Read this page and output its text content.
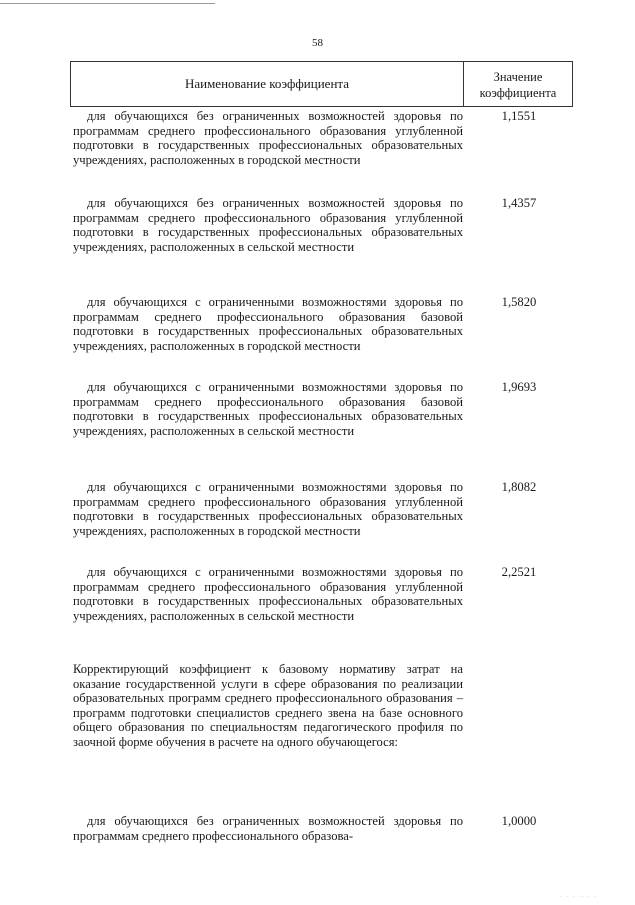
58
Наименование коэффициента	Значение коэффициента
для обучающихся без ограниченных возможностей здоровья по программам среднего профессионального образования углубленной подготовки в государственных профессиональных образовательных учреждениях, расположенных в городской местности
1,1551
для обучающихся без ограниченных возможностей здоровья по программам среднего профессионального образования углубленной подготовки в государственных профессиональных образовательных учреждениях, расположенных в сельской местности
1,4357
для обучающихся с ограниченными возможностями здоровья по программам среднего профессионального образования базовой подготовки в государственных профессиональных образовательных учреждениях, расположенных в городской местности
1,5820
для обучающихся с ограниченными возможностями здоровья по программам среднего профессионального образования базовой подготовки в государственных профессиональных образовательных учреждениях, расположенных в сельской местности
1,9693
для обучающихся с ограниченными возможностями здоровья по программам среднего профессионального образования углубленной подготовки в государственных профессиональных образовательных учреждениях, расположенных в городской местности
1,8082
для обучающихся с ограниченными возможностями здоровья по программам среднего профессионального образования углубленной подготовки в государственных профессиональных образовательных учреждениях, расположенных в сельской местности
2,2521
Корректирующий коэффициент к базовому нормативу затрат на оказание государственной услуги в сфере образования по реализации образовательных программ среднего профессионального образования – программ подготовки специалистов среднего звена на базе основного общего образования по специальностям педагогического профиля по заочной форме обучения в расчете на одного обучающегося:
для обучающихся без ограниченных возможностей здоровья по программам среднего профессионального образова-
1,0000
· · · ·· · ·
